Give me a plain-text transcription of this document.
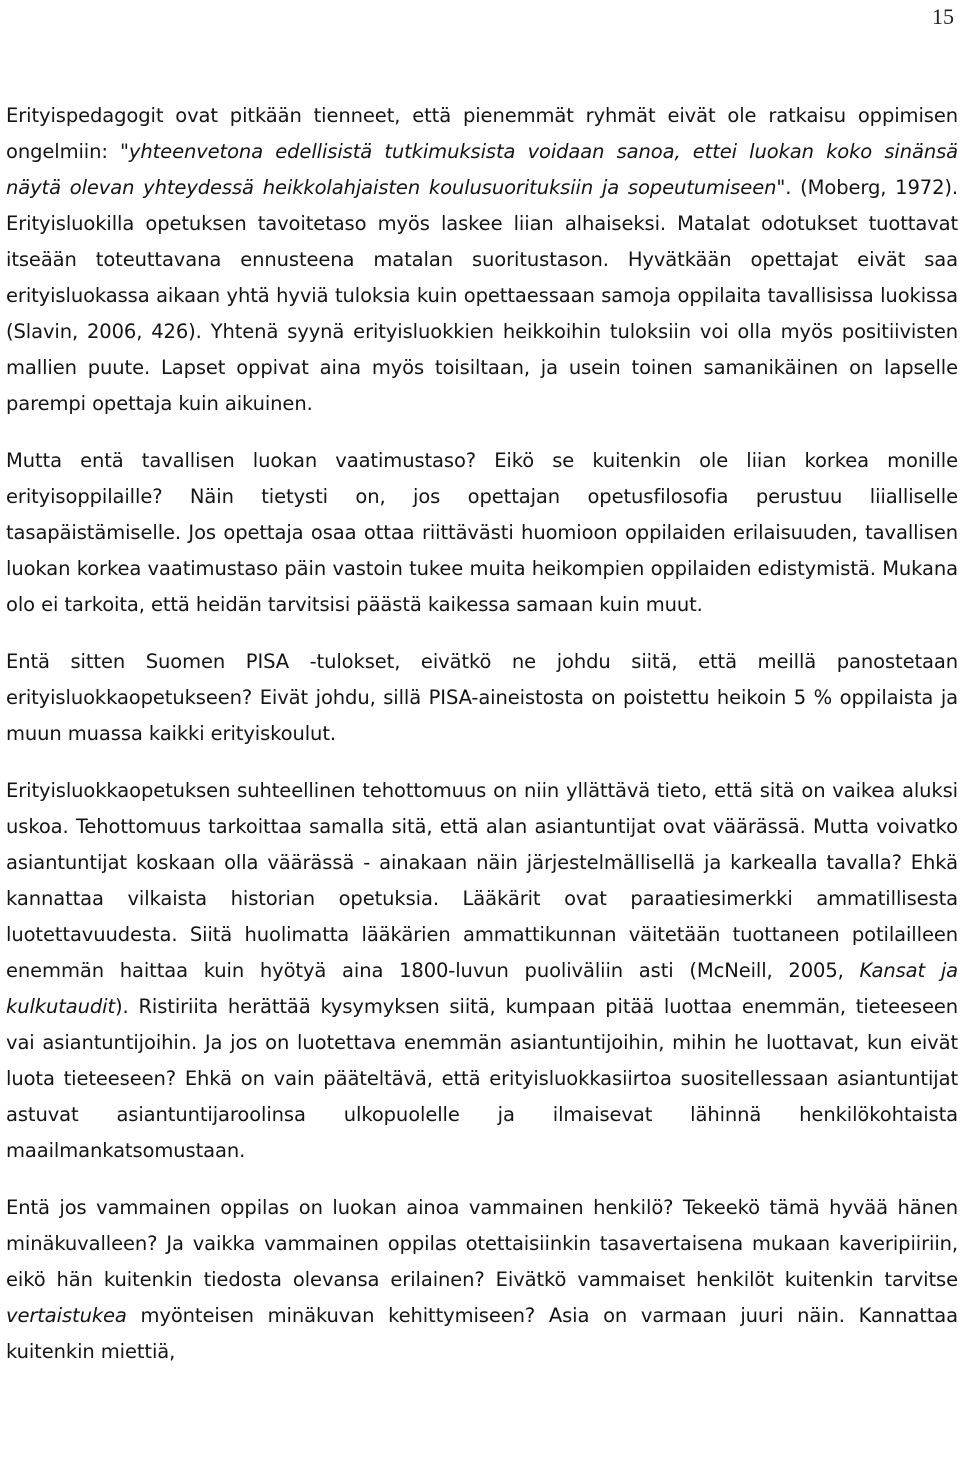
15

Erityispedagogit ovat pitkään tienneet, että pienemmät ryhmät eivät ole ratkaisu oppimisen ongelmiin: "yhteenvetona edellisistä tutkimuksista voidaan sanoa, ettei luokan koko sinänsä näytä olevan yhteydessä heikkolahjaisten koulusuorituksiin ja sopeutumiseen". (Moberg, 1972). Erityisluokilla opetuksen tavoitetaso myös laskee liian alhaiseksi. Matalat odotukset tuottavat itseään toteuttavana ennusteena matalan suoritustason. Hyvätkään opettajat eivät saa erityisluokassa aikaan yhtä hyviä tuloksia kuin opettaessaan samoja oppilaita tavallisissa luokissa (Slavin, 2006, 426). Yhtenä syynä erityisluokkien heikkoihin tuloksiin voi olla myös positiivisten mallien puute. Lapset oppivat aina myös toisiltaan, ja usein toinen samanikäinen on lapselle parempi opettaja kuin aikuinen.

Mutta entä tavallisen luokan vaatimustaso? Eikö se kuitenkin ole liian korkea monille erityisoppilaille? Näin tietysti on, jos opettajan opetusfilosofia perustuu liialliselle tasapäistämiselle. Jos opettaja osaa ottaa riittävästi huomioon oppilaiden erilaisuuden, tavallisen luokan korkea vaatimustaso päin vastoin tukee muita heikompien oppilaiden edistymistä. Mukana olo ei tarkoita, että heidän tarvitsisi päästä kaikessa samaan kuin muut.

Entä sitten Suomen PISA -tulokset, eivätkö ne johdu siitä, että meillä panostetaan erityisluokkaopetukseen? Eivät johdu, sillä PISA-aineistosta on poistettu heikoin 5 % oppilaista ja muun muassa kaikki erityiskoulut.

Erityisluokkaopetuksen suhteellinen tehottomuus on niin yllättävä tieto, että sitä on vaikea aluksi uskoa. Tehottomuus tarkoittaa samalla sitä, että alan asiantuntijat ovat väärässä. Mutta voivatko asiantuntijat koskaan olla väärässä - ainakaan näin järjestelmällisellä ja karkealla tavalla? Ehkä kannattaa vilkaista historian opetuksia. Lääkärit ovat paraatiesimerkki ammatillisesta luotettavuudesta. Siitä huolimatta lääkärien ammattikunnan väitetään tuottaneen potilailleen enemmän haittaa kuin hyötyä aina 1800-luvun puoliväliin asti (McNeill, 2005, Kansat ja kulkutaudit). Ristiriita herättää kysymyksen siitä, kumpaan pitää luottaa enemmän, tieteeseen vai asiantuntijoihin. Ja jos on luotettava enemmän asiantuntijoihin, mihin he luottavat, kun eivät luota tieteeseen? Ehkä on vain pääteltävä, että erityisluokkasiirtoa suositellessaan asiantuntijat astuvat asiantuntijaroolinsa ulkopuolelle ja ilmaisevat lähinnä henkilökohtaista maailmankatsomustaan.

Entä jos vammainen oppilas on luokan ainoa vammainen henkilö? Tekeekö tämä hyvää hänen minäkuvalleen? Ja vaikka vammainen oppilas otettaisiinkin tasavertaisena mukaan kaveripiiriin, eikö hän kuitenkin tiedosta olevansa erilainen? Eivätkö vammaiset henkilöt kuitenkin tarvitse vertaistukea myönteisen minäkuvan kehittymiseen? Asia on varmaan juuri näin. Kannattaa kuitenkin miettiä,
